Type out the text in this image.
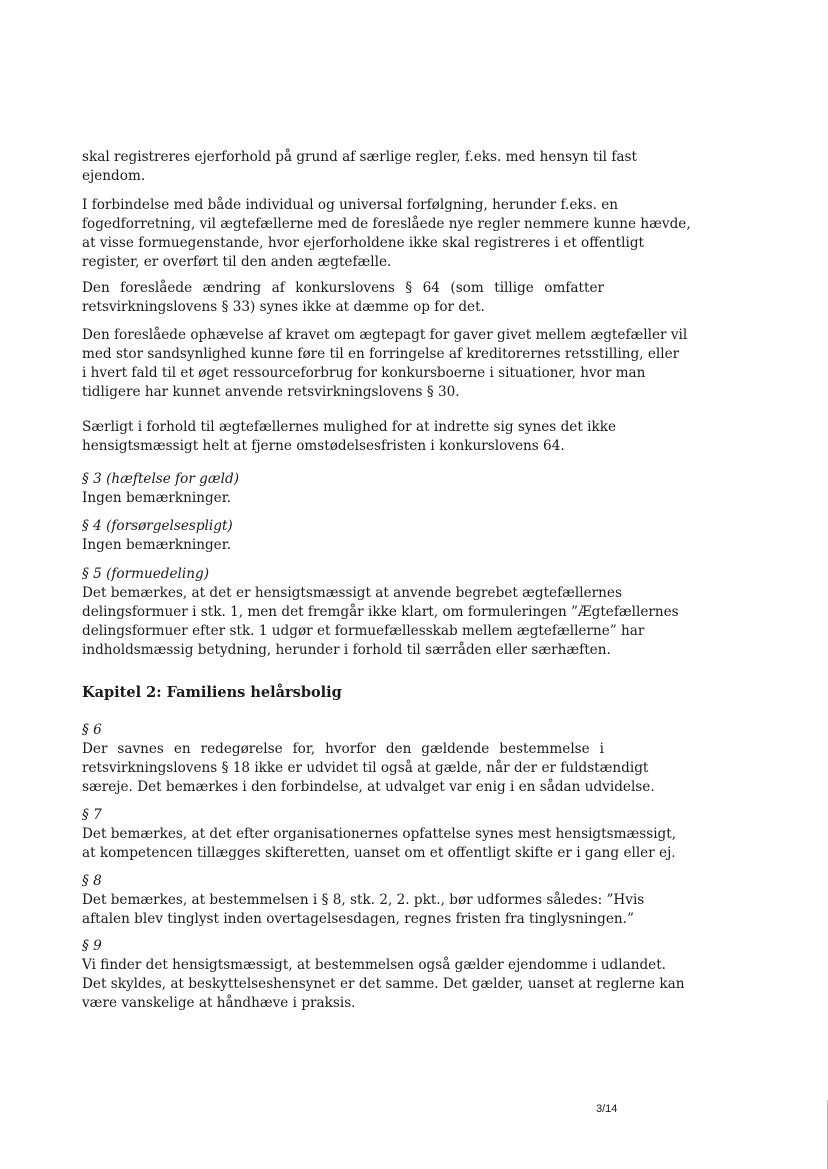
skal registreres ejerforhold på grund af særlige regler, f.eks. med hensyn til fast
ejendom.

I forbindelse med både individual og universal forfølgning, herunder f.eks. en
fogedforretning, vil ægtefællerne med de foreslåede nye regler nemmere kunne hævde,
at visse formuegenstande, hvor ejerforholdene ikke skal registreres i et offentligt
register, er overført til den anden ægtefælle.

Den foreslåede ændring af konkurslovens § 64 (som tillige omfatter
retsvirkningslovens § 33) synes ikke at dæmme op for det.

Den foreslåede ophævelse af kravet om ægtepagt for gaver givet mellem ægtefæller vil
med stor sandsynlighed kunne føre til en forringelse af kreditorernes retsstilling, eller
i hvert fald til et øget ressourceforbrug for konkursboerne i situationer, hvor man
tidligere har kunnet anvende retsvirkningslovens § 30.

Særligt i forhold til ægtefællernes mulighed for at indrette sig synes det ikke
hensigtsmæssigt helt at fjerne omstødelsesfristen i konkurslovens 64.

§ 3 (hæftelse for gæld)
Ingen bemærkninger.

§ 4 (forsørgelsespligt)
Ingen bemærkninger.

§ 5 (formuedeling)
Det bemærkes, at det er hensigtsmæssigt at anvende begrebet ægtefællernes
delingsformuer i stk. 1, men det fremgår ikke klart, om formuleringen ”Ægtefællernes
delingsformuer efter stk. 1 udgør et formuefællesskab mellem ægtefællerne” har
indholdsmæssig betydning, herunder i forhold til særråden eller særhæften.

Kapitel 2: Familiens helårsbolig

§ 6
Der savnes en redegørelse for, hvorfor den gældende bestemmelse i
retsvirkningslovens § 18 ikke er udvidet til også at gælde, når der er fuldstændigt
særeje. Det bemærkes i den forbindelse, at udvalget var enig i en sådan udvidelse.

§ 7
Det bemærkes, at det efter organisationernes opfattelse synes mest hensigtsmæssigt,
at kompetencen tillægges skifteretten, uanset om et offentligt skifte er i gang eller ej.

§ 8
Det bemærkes, at bestemmelsen i § 8, stk. 2, 2. pkt., bør udformes således: ”Hvis
aftalen blev tinglyst inden overtagelsesdagen, regnes fristen fra tinglysningen.”

§ 9
Vi finder det hensigtsmæssigt, at bestemmelsen også gælder ejendomme i udlandet.
Det skyldes, at beskyttelseshensynet er det samme. Det gælder, uanset at reglerne kan
være vanskelige at håndhæve i praksis.

3/14
